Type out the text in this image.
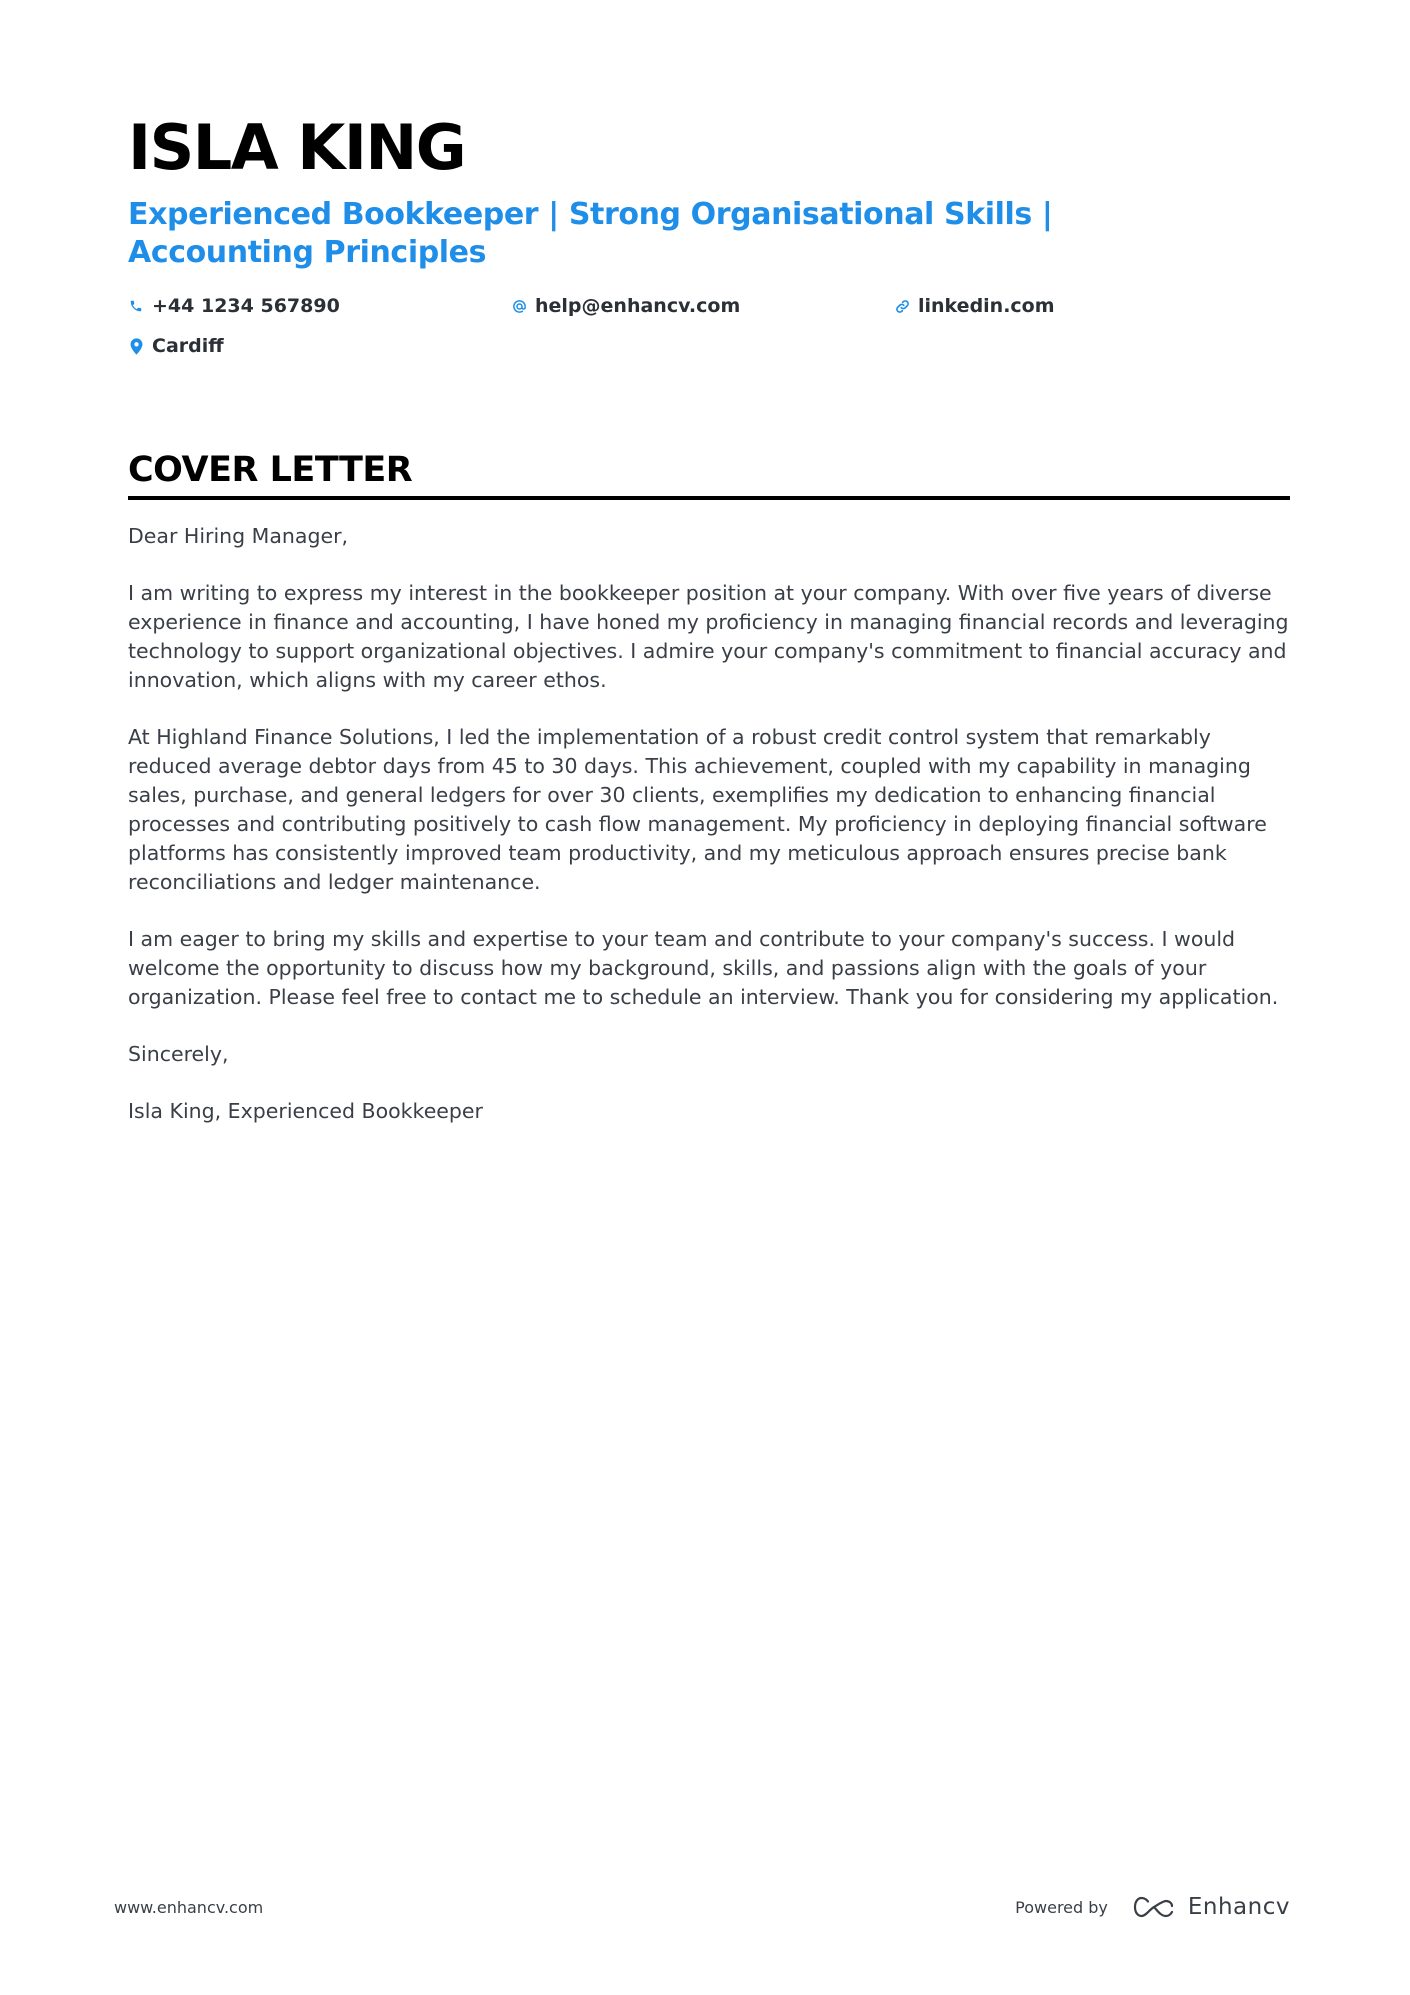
ISLA KING
Experienced Bookkeeper | Strong Organisational Skills | Accounting Principles
+44 1234 567890	help@enhancv.com	linkedin.com
Cardiff
COVER LETTER

Dear Hiring Manager,

I am writing to express my interest in the bookkeeper position at your company. With over five years of diverse experience in finance and accounting, I have honed my proficiency in managing financial records and leveraging technology to support organizational objectives. I admire your company's commitment to financial accuracy and innovation, which aligns with my career ethos.

At Highland Finance Solutions, I led the implementation of a robust credit control system that remarkably reduced average debtor days from 45 to 30 days. This achievement, coupled with my capability in managing sales, purchase, and general ledgers for over 30 clients, exemplifies my dedication to enhancing financial processes and contributing positively to cash flow management. My proficiency in deploying financial software platforms has consistently improved team productivity, and my meticulous approach ensures precise bank reconciliations and ledger maintenance.

I am eager to bring my skills and expertise to your team and contribute to your company's success. I would welcome the opportunity to discuss how my background, skills, and passions align with the goals of your organization. Please feel free to contact me to schedule an interview. Thank you for considering my application.

Sincerely,

Isla King, Experienced Bookkeeper

www.enhancv.com	Powered by	Enhancv
